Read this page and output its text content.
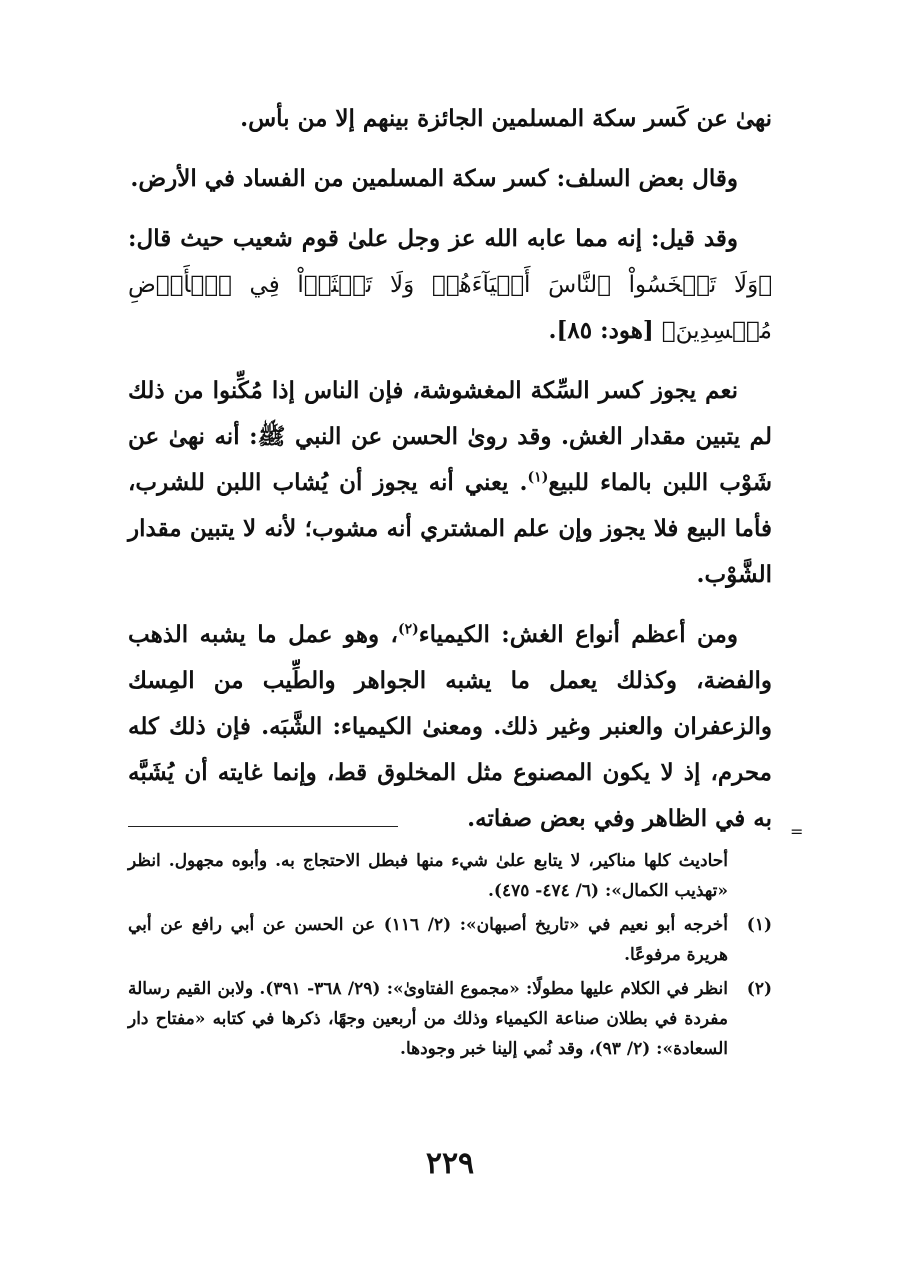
نهىٰ عن كَسر سكة المسلمين الجائزة بينهم إلا من بأس.

وقال بعض السلف: كسر سكة المسلمين من الفساد في الأرض.

وقد قيل: إنه مما عابه الله عز وجل علىٰ قوم شعيب حيث قال: ﴿وَلَا تَبۡخَسُواْ ٱلنَّاسَ أَشۡيَآءَهُمۡ وَلَا تَعۡثَوۡاْ فِي ٱلۡأَرۡضِ مُفۡسِدِينَ﴾ [هود: ٨٥].

نعم يجوز كسر السِّكة المغشوشة، فإن الناس إذا مُكِّنوا من ذلك لم يتبين مقدار الغش. وقد روىٰ الحسن عن النبي ﷺ: أنه نهىٰ عن شَوْب اللبن بالماء للبيع$^{(١)}$. يعني أنه يجوز أن يُشاب اللبن للشرب، فأما البيع فلا يجوز وإن علم المشتري أنه مشوب؛ لأنه لا يتبين مقدار الشَّوْب.

ومن أعظم أنواع الغش: الكيمياء$^{(٢)}$، وهو عمل ما يشبه الذهب والفضة، وكذلك يعمل ما يشبه الجواهر والطِّيب من المِسك والزعفران والعنبر وغير ذلك. ومعنىٰ الكيمياء: الشَّبَه. فإن ذلك كله محرم، إذ لا يكون المصنوع مثل المخلوق قط، وإنما غايته أن يُشَبَّه به في الظاهر وفي بعض صفاته. =
أحاديث كلها مناكير، لا يتابع علىٰ شيء منها فبطل الاحتجاج به. وأبوه مجهول. انظر «تهذيب الكمال»: (٦/ ٤٧٤- ٤٧٥).
(١)
أخرجه أبو نعيم في «تاريخ أصبهان»: (٢/ ١١٦) عن الحسن عن أبي رافع عن أبي هريرة مرفوعًا.
(٢)
انظر في الكلام عليها مطولًا: «مجموع الفتاوىٰ»: (٢٩/ ٣٦٨- ٣٩١). ولابن القيم رسالة مفردة في بطلان صناعة الكيمياء وذلك من أربعين وجهًا، ذكرها في كتابه «مفتاح دار السعادة»: (٢/ ٩٣)، وقد نُمي إلينا خبر وجودها.
٢٢٩
